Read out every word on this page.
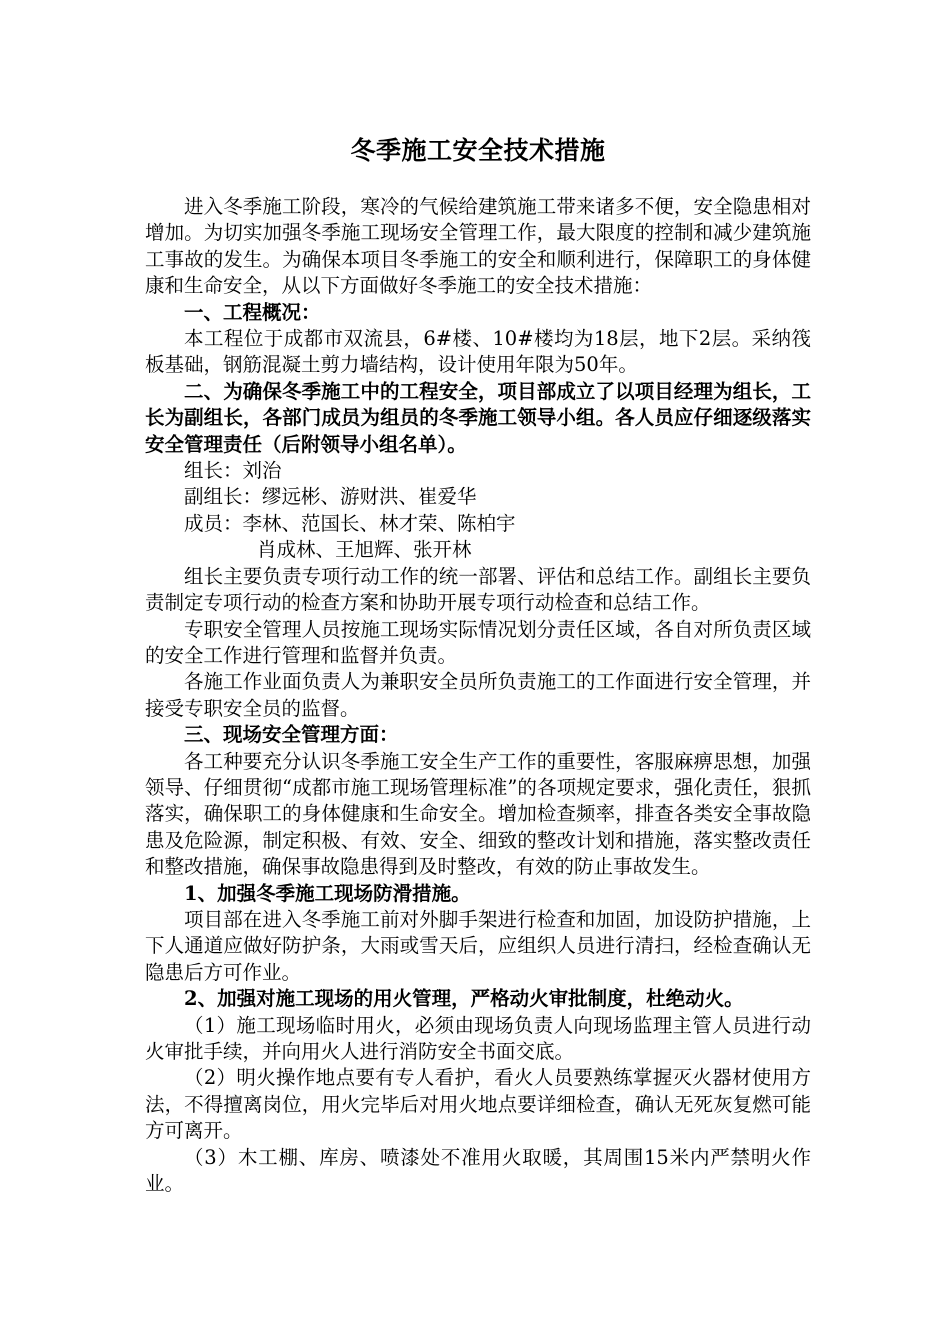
冬季施工安全技术措施

进入冬季施工阶段，寒冷的气候给建筑施工带来诸多不便，安全隐患相对增加。为切实加强冬季施工现场安全管理工作，最大限度的控制和减少建筑施工事故的发生。为确保本项目冬季施工的安全和顺利进行，保障职工的身体健康和生命安全，从以下方面做好冬季施工的安全技术措施：

一、工程概况：

本工程位于成都市双流县，6#楼、10#楼均为18层，地下2层。采纳筏板基础，钢筋混凝土剪力墙结构，设计使用年限为50年。

二、为确保冬季施工中的工程安全，项目部成立了以项目经理为组长，工长为副组长，各部门成员为组员的冬季施工领导小组。各人员应仔细逐级落实安全管理责任（后附领导小组名单）。

组长：刘治

副组长：缪远彬、游财洪、崔爱华

成员：李林、范国长、林才荣、陈柏宇

肖成林、王旭辉、张开林

组长主要负责专项行动工作的统一部署、评估和总结工作。副组长主要负责制定专项行动的检查方案和协助开展专项行动检查和总结工作。

专职安全管理人员按施工现场实际情况划分责任区域，各自对所负责区域的安全工作进行管理和监督并负责。

各施工作业面负责人为兼职安全员所负责施工的工作面进行安全管理，并接受专职安全员的监督。

三、现场安全管理方面：

各工种要充分认识冬季施工安全生产工作的重要性，客服麻痹思想，加强领导、仔细贯彻“成都市施工现场管理标准”的各项规定要求，强化责任，狠抓落实，确保职工的身体健康和生命安全。增加检查频率，排查各类安全事故隐患及危险源，制定积极、有效、安全、细致的整改计划和措施，落实整改责任和整改措施，确保事故隐患得到及时整改，有效的防止事故发生。

1、加强冬季施工现场防滑措施。

项目部在进入冬季施工前对外脚手架进行检查和加固，加设防护措施，上下人通道应做好防护条，大雨或雪天后，应组织人员进行清扫，经检查确认无隐患后方可作业。

2、加强对施工现场的用火管理，严格动火审批制度，杜绝动火。

（1）施工现场临时用火，必须由现场负责人向现场监理主管人员进行动火审批手续，并向用火人进行消防安全书面交底。

（2）明火操作地点要有专人看护，看火人员要熟练掌握灭火器材使用方法，不得擅离岗位，用火完毕后对用火地点要详细检查，确认无死灰复燃可能方可离开。

（3）木工棚、库房、喷漆处不准用火取暖，其周围15米内严禁明火作业。
